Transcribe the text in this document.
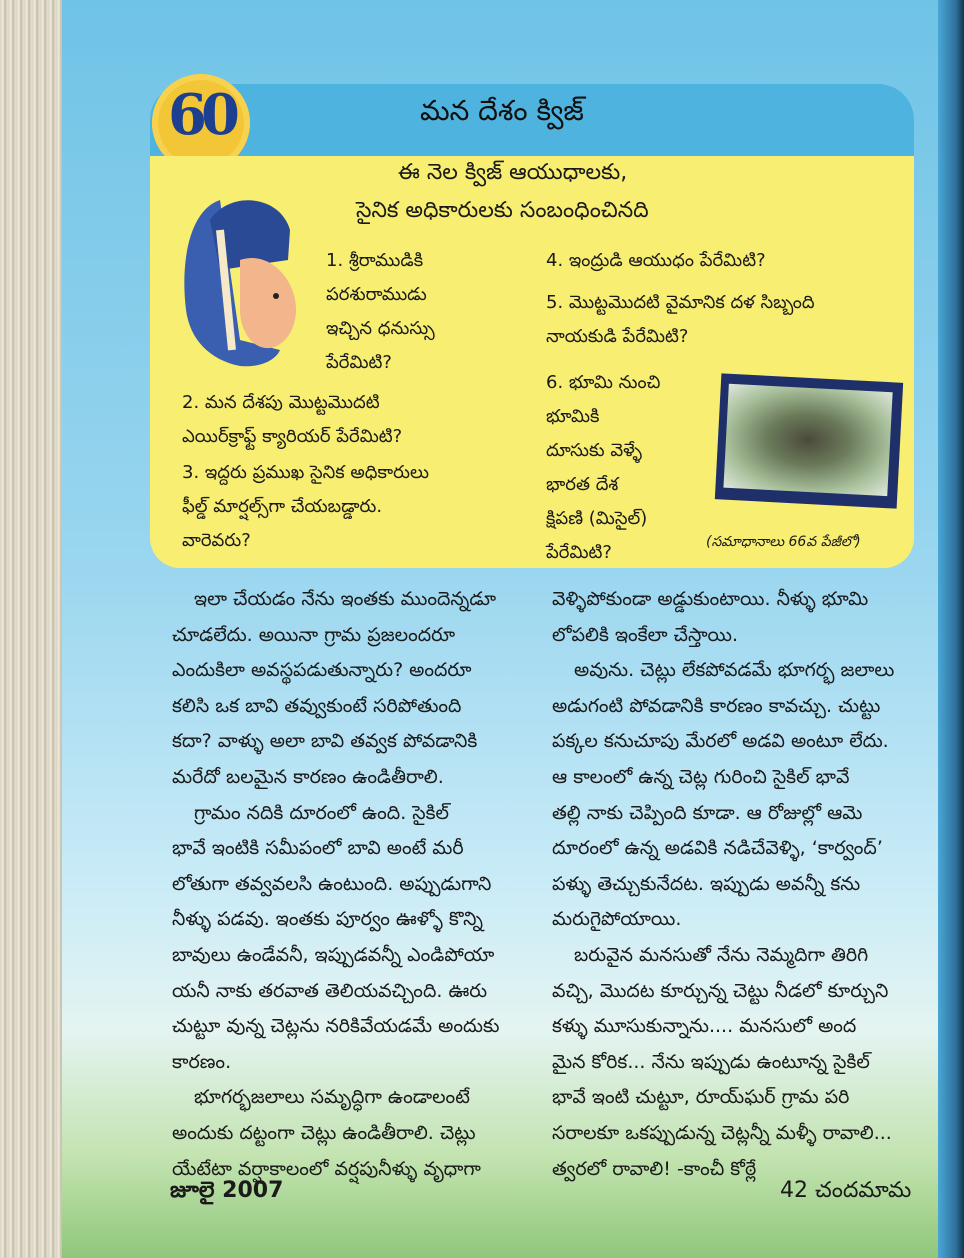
60	మన దేశం క్విజ్
ఈ నెల క్విజ్ ఆయుధాలకు,
సైనిక అధికారులకు సంబంధించినది
1. శ్రీరాముడికి
పరశురాముడు
ఇచ్చిన ధనుస్సు
పేరేమిటి?
2. మన దేశపు మొట్టమొదటి
ఎయిర్‌క్రాఫ్ట్ క్యారియర్ పేరేమిటి?
3. ఇద్దరు ప్రముఖ సైనిక అధికారులు
ఫీల్డ్ మార్షల్స్‌గా చేయబడ్డారు.
వారెవరు?
4. ఇంద్రుడి ఆయుధం పేరేమిటి?
5. మొట్టమొదటి వైమానిక దళ సిబ్బంది
నాయకుడి పేరేమిటి?
6. భూమి నుంచి
భూమికి
దూసుకు వెళ్ళే
భారత దేశ
క్షిపణి (మిసైల్)
పేరేమిటి?	(సమాధానాలు 66వ పేజీలో)

ఇలా చేయడం నేను ఇంతకు ముందెన్నడూ

చూడలేదు. అయినా గ్రామ ప్రజలందరూ

ఎందుకిలా అవస్థపడుతున్నారు? అందరూ

కలిసి ఒక బావి తవ్వుకుంటే సరిపోతుంది

కదా? వాళ్ళు అలా బావి తవ్వక పోవడానికి

మరేదో బలమైన కారణం ఉండితీరాలి.

గ్రామం నదికి దూరంలో ఉంది. సైకిల్

భావే ఇంటికి సమీపంలో బావి అంటే మరీ

లోతుగా తవ్వవలసి ఉంటుంది. అప్పుడుగాని

నీళ్ళు పడవు. ఇంతకు పూర్వం ఊళ్ళో కొన్ని

బావులు ఉండేవనీ, ఇప్పుడవన్నీ ఎండిపోయా

యనీ నాకు తరవాత తెలియవచ్చింది. ఊరు

చుట్టూ వున్న చెట్లను నరికివేయడమే అందుకు

కారణం.

భూగర్భజలాలు సమృద్ధిగా ఉండాలంటే

అందుకు దట్టంగా చెట్లు ఉండితీరాలి. చెట్లు

యేటేటా వర్షాకాలంలో వర్షపునీళ్ళు వృధాగా

వెళ్ళిపోకుండా అడ్డుకుంటాయి. నీళ్ళు భూమి

లోపలికి ఇంకేలా చేస్తాయి.

అవును. చెట్లు లేకపోవడమే భూగర్భ జలాలు

అడుగంటి పోవడానికి కారణం కావచ్చు. చుట్టు

పక్కల కనుచూపు మేరలో అడవి అంటూ లేదు.

ఆ కాలంలో ఉన్న చెట్ల గురించి సైకిల్ భావే

తల్లి నాకు చెప్పింది కూడా. ఆ రోజుల్లో ఆమె

దూరంలో ఉన్న అడవికి నడిచేవెళ్ళి, ‘కార్వంద్’

పళ్ళు తెచ్చుకునేదట. ఇప్పుడు అవన్నీ కను

మరుగైపోయాయి.

బరువైన మనసుతో నేను నెమ్మదిగా తిరిగి

వచ్చి, మొదట కూర్చున్న చెట్టు నీడలో కూర్చుని

కళ్ళు మూసుకున్నాను.... మనసులో అంద

మైన కోరిక... నేను ఇప్పుడు ఉంటూన్న సైకిల్

భావే ఇంటి చుట్టూ, రూయ్‌ఘర్ గ్రామ పరి

సరాలకూ ఒకప్పుడున్న చెట్లన్నీ మళ్ళీ రావాలి...

త్వరలో రావాలి! -కాంచీ కోఠ్లే

జూలై 2007	42 చందమామ
